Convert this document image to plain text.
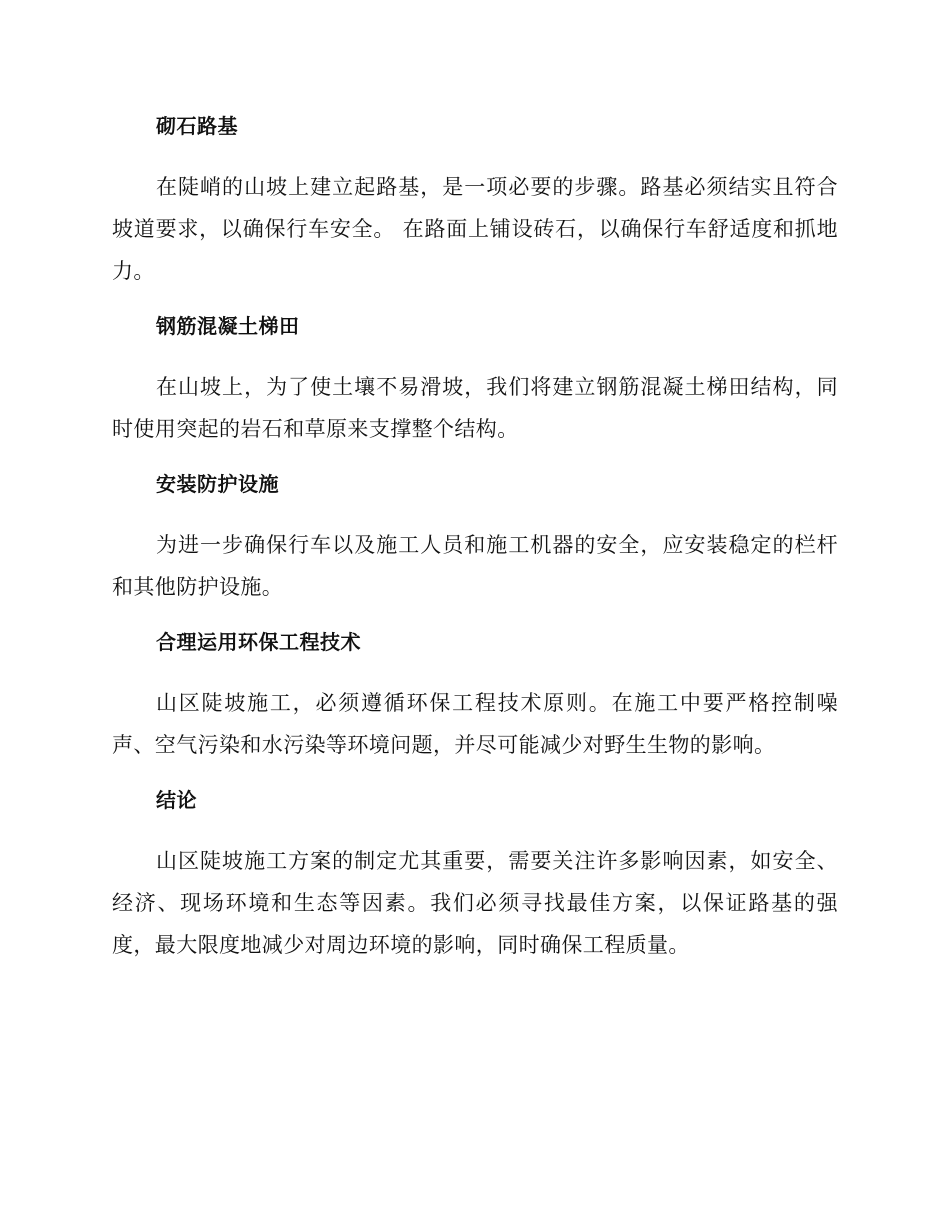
砌石路基

在陡峭的山坡上建立起路基，是一项必要的步骤。路基必须结实且符合坡道要求，以确保行车安全。 在路面上铺设砖石，以确保行车舒适度和抓地力。

钢筋混凝土梯田

在山坡上，为了使土壤不易滑坡，我们将建立钢筋混凝土梯田结构，同时使用突起的岩石和草原来支撑整个结构。

安装防护设施

为进一步确保行车以及施工人员和施工机器的安全，应安装稳定的栏杆和其他防护设施。

合理运用环保工程技术

山区陡坡施工，必须遵循环保工程技术原则。在施工中要严格控制噪声、空气污染和水污染等环境问题，并尽可能减少对野生生物的影响。

结论

山区陡坡施工方案的制定尤其重要，需要关注许多影响因素，如安全、经济、现场环境和生态等因素。我们必须寻找最佳方案，以保证路基的强度，最大限度地减少对周边环境的影响，同时确保工程质量。
